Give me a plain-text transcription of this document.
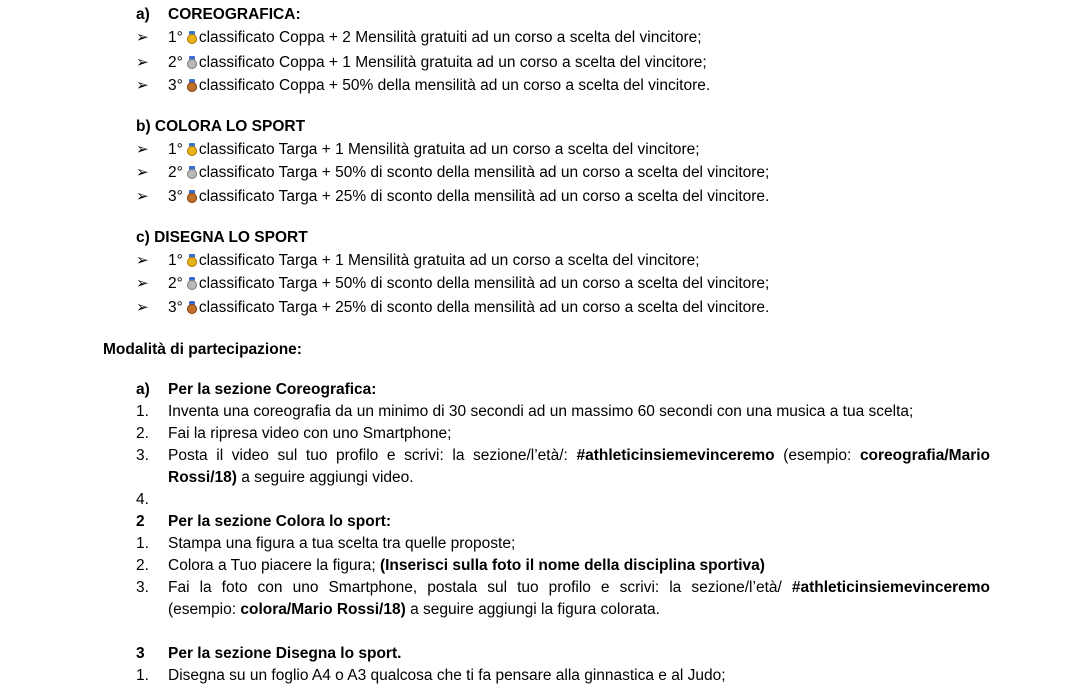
a) COREOGRAFICA:
➢ 1° classificato Coppa + 2 Mensilità gratuiti ad un corso a scelta del vincitore;
➢ 2° classificato Coppa + 1 Mensilità gratuita ad un corso a scelta del vincitore;
➢ 3° classificato Coppa + 50% della mensilità ad un corso a scelta del vincitore.
b) COLORA LO SPORT
➢ 1° classificato Targa + 1 Mensilità gratuita ad un corso a scelta del vincitore;
➢ 2° classificato Targa + 50% di sconto della mensilità ad un corso a scelta del vincitore;
➢ 3° classificato Targa + 25% di sconto della mensilità ad un corso a scelta del vincitore.
c) DISEGNA LO SPORT
➢ 1° classificato Targa + 1 Mensilità gratuita ad un corso a scelta del vincitore;
➢ 2° classificato Targa + 50% di sconto della mensilità ad un corso a scelta del vincitore;
➢ 3° classificato Targa + 25% di sconto della mensilità ad un corso a scelta del vincitore.
Modalità di partecipazione:
a) Per la sezione Coreografica:
1. Inventa una coreografia da un minimo di 30 secondi ad un massimo 60 secondi con una musica a tua scelta;
2. Fai la ripresa video con uno Smartphone;
3. Posta il video sul tuo profilo e scrivi: la sezione/l’età/: #athleticinsiemevinceremo (esempio: coreografia/Mario
Rossi/18) a seguire aggiungi video.
4.
2 Per la sezione Colora lo sport:
1. Stampa una figura a tua scelta tra quelle proposte;
2. Colora a Tuo piacere la figura; (Inserisci sulla foto il nome della disciplina sportiva)
3. Fai la foto con uno Smartphone, postala sul tuo profilo e scrivi: la sezione/l’età/ #athleticinsiemevinceremo
(esempio: colora/Mario Rossi/18) a seguire aggiungi la figura colorata.
3 Per la sezione Disegna lo sport.
1. Disegna su un foglio A4 o A3 qualcosa che ti fa pensare alla ginnastica e al Judo;
